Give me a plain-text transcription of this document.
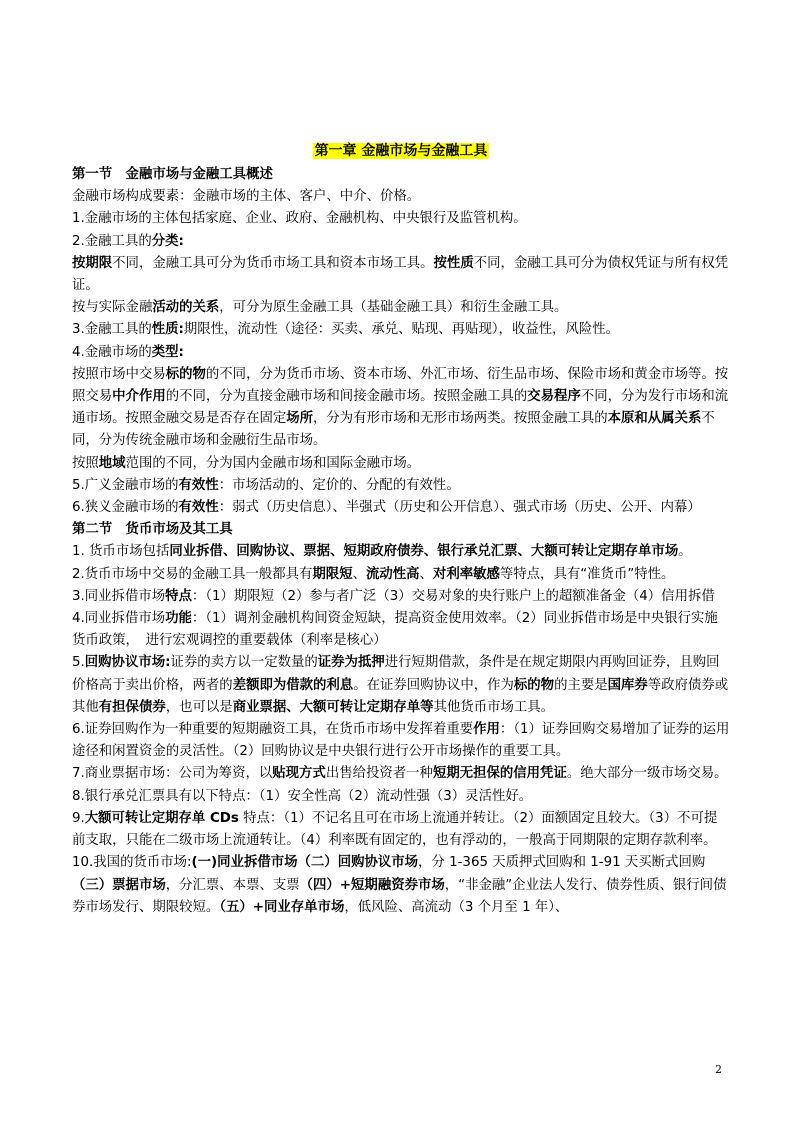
第一章 金融市场与金融工具

第一节　金融市场与金融工具概述

金融市场构成要素：金融市场的主体、客户、中介、价格。

1.金融市场的主体包括家庭、企业、政府、金融机构、中央银行及监管机构。

2.金融工具的分类:

按期限不同，金融工具可分为货币市场工具和资本市场工具。按性质不同，金融工具可分为债权凭证与所有权凭证。

按与实际金融活动的关系，可分为原生金融工具（基础金融工具）和衍生金融工具。

3.金融工具的性质:期限性，流动性（途径：买卖、承兑、贴现、再贴现），收益性，风险性。

4.金融市场的类型:

按照市场中交易标的物的不同，分为货币市场、资本市场、外汇市场、衍生品市场、保险市场和黄金市场等。按照交易中介作用的不同，分为直接金融市场和间接金融市场。按照金融工具的交易程序不同，分为发行市场和流通市场。按照金融交易是否存在固定场所，分为有形市场和无形市场两类。按照金融工具的本原和从属关系不同，分为传统金融市场和金融衍生品市场。

按照地域范围的不同，分为国内金融市场和国际金融市场。

5.广义金融市场的有效性：市场活动的、定价的、分配的有效性。

6.狭义金融市场的有效性：弱式（历史信息）、半强式（历史和公开信息）、强式市场（历史、公开、内幕）

第二节　货币市场及其工具

1. 货币市场包括同业拆借、回购协议、票据、短期政府债券、银行承兑汇票、大额可转让定期存单市场。

2.货币市场中交易的金融工具一般都具有期限短、流动性高、对利率敏感等特点，具有“准货币”特性。

3.同业拆借市场特点：（1）期限短（2）参与者广泛（3）交易对象的央行账户上的超额准备金（4）信用拆借

4.同业拆借市场功能：（1）调剂金融机构间资金短缺，提高资金使用效率。（2）同业拆借市场是中央银行实施货币政策，　进行宏观调控的重要载体（利率是核心）

5.回购协议市场:证券的卖方以一定数量的证券为抵押进行短期借款，条件是在规定期限内再购回证券，且购回价格高于卖出价格，两者的差额即为借款的利息。在证券回购协议中，作为标的物的主要是国库券等政府债券或其他有担保债券，也可以是商业票据、大额可转让定期存单等其他货币市场工具。

6.证券回购作为一种重要的短期融资工具，在货币市场中发挥着重要作用：（1）证券回购交易增加了证券的运用途径和闲置资金的灵活性。（2）回购协议是中央银行进行公开市场操作的重要工具。

7.商业票据市场：公司为筹资，以贴现方式出售给投资者一种短期无担保的信用凭证。绝大部分一级市场交易。

8.银行承兑汇票具有以下特点：（1）安全性高（2）流动性强（3）灵活性好。

9.大额可转让定期存单 CDs 特点：（1）不记名且可在市场上流通并转让。（2）面额固定且较大。（3）不可提前支取，只能在二级市场上流通转让。（4）利率既有固定的，也有浮动的，一般高于同期限的定期存款利率。

10.我国的货币市场:(一)同业拆借市场（二）回购协议市场，分 1-365 天质押式回购和 1-91 天买断式回购（三）票据市场，分汇票、本票、支票（四）+短期融资券市场，“非金融”企业法人发行、债券性质、银行间债券市场发行、期限较短。（五）+同业存单市场，低风险、高流动（3 个月至 1 年）、

2
